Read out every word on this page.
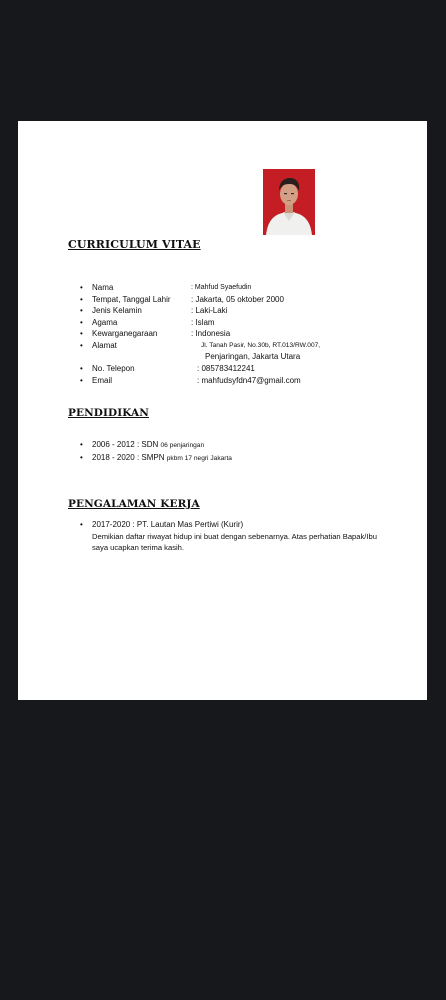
CURRICULUM VITAE
• Nama	: Mahfud Syaefudin
• Tempat, Tanggal Lahir	: Jakarta, 05 oktober 2000
• Jenis Kelamin	: Laki-Laki
• Agama	: Islam
• Kewarganegaraan	: Indonesia
• Alamat	Jl. Tanah Pasir, No.30b, RT.013/RW.007,
Penjaringan, Jakarta Utara
• No. Telepon	: 085783412241
• Email	: mahfudsyfdn47@gmail.com
PENDIDIKAN
• 2006 - 2012 : SDN 06 penjaringan
• 2018 - 2020 : SMPN pkbm 17 negri Jakarta
PENGALAMAN KERJA
•	2017-2020 : PT. Lautan Mas Pertiwi (Kurir)

Demikian daftar riwayat hidup ini buat dengan sebenarnya. Atas perhatian Bapak/Ibu saya ucapkan terima kasih.
